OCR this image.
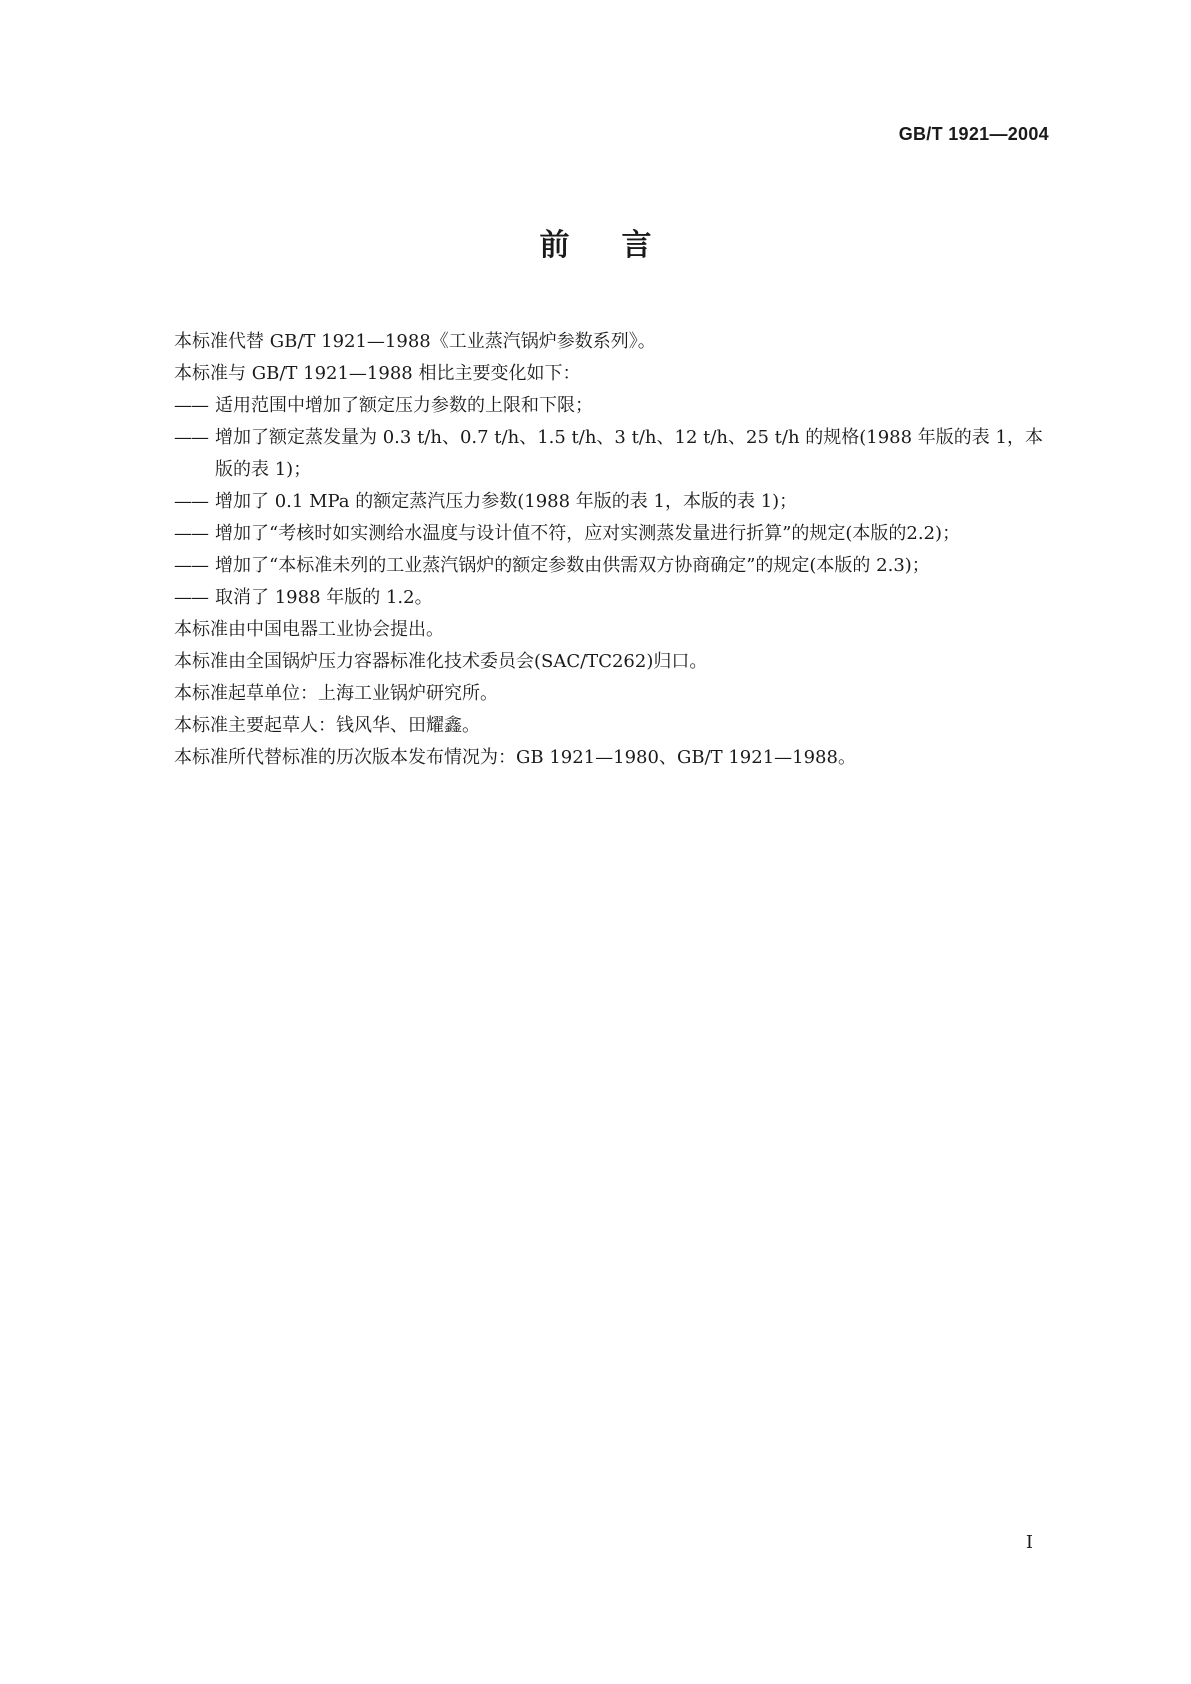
GB/T 1921—2004
前言

本标准代替 GB/T 1921—1988《工业蒸汽锅炉参数系列》。

本标准与 GB/T 1921—1988 相比主要变化如下：

—— 适用范围中增加了额定压力参数的上限和下限；
—— 增加了额定蒸发量为 0.3 t/h、0.7 t/h、1.5 t/h、3 t/h、12 t/h、25 t/h 的规格(1988 年版的表 1，本版的表 1)；
—— 增加了 0.1 MPa 的额定蒸汽压力参数(1988 年版的表 1，本版的表 1)；
—— 增加了“考核时如实测给水温度与设计值不符，应对实测蒸发量进行折算”的规定(本版的2.2)；
—— 增加了“本标准未列的工业蒸汽锅炉的额定参数由供需双方协商确定”的规定(本版的 2.3)；
—— 取消了 1988 年版的 1.2。

本标准由中国电器工业协会提出。

本标准由全国锅炉压力容器标准化技术委员会(SAC/TC262)归口。

本标准起草单位：上海工业锅炉研究所。

本标准主要起草人：钱风华、田耀鑫。

本标准所代替标准的历次版本发布情况为：GB 1921—1980、GB/T 1921—1988。

I
